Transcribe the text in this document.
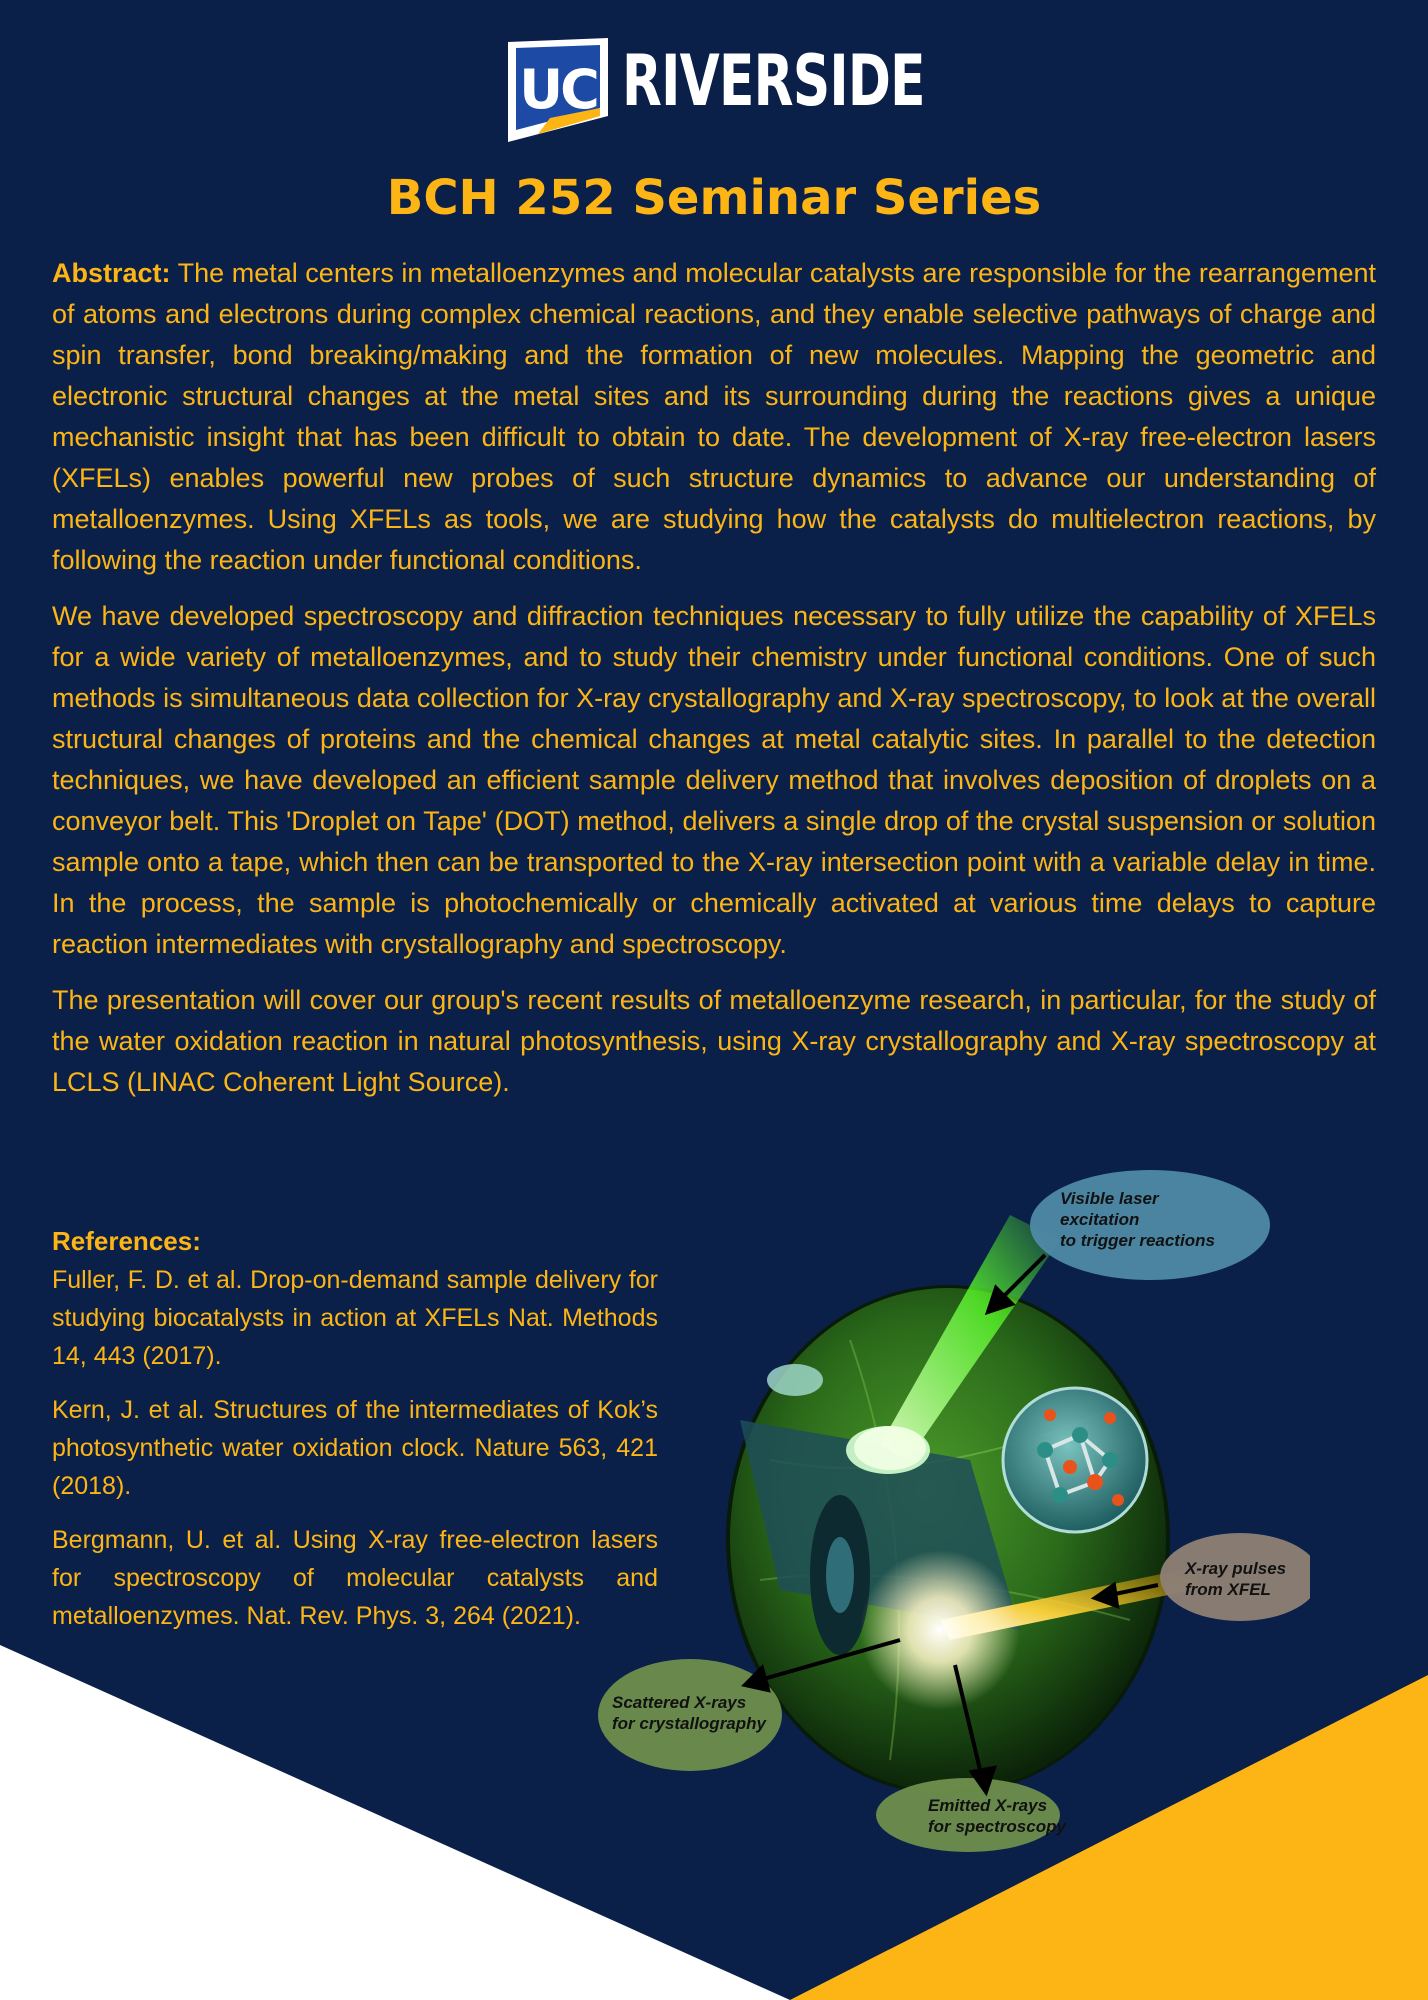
UC RIVERSIDE
BCH 252 Seminar Series

Abstract: The metal centers in metalloenzymes and molecular catalysts are responsible for the rearrangement of atoms and electrons during complex chemical reactions, and they enable selective pathways of charge and spin transfer, bond breaking/making and the formation of new molecules. Mapping the geometric and electronic structural changes at the metal sites and its surrounding during the reactions gives a unique mechanistic insight that has been difficult to obtain to date. The development of X-ray free-electron lasers (XFELs) enables powerful new probes of such structure dynamics to advance our understanding of metalloenzymes. Using XFELs as tools, we are studying how the catalysts do multielectron reactions, by following the reaction under functional conditions.

We have developed spectroscopy and diffraction techniques necessary to fully utilize the capability of XFELs for a wide variety of metalloenzymes, and to study their chemistry under functional conditions. One of such methods is simultaneous data collection for X-ray crystallography and X-ray spectroscopy, to look at the overall structural changes of proteins and the chemical changes at metal catalytic sites. In parallel to the detection techniques, we have developed an efficient sample delivery method that involves deposition of droplets on a conveyor belt. This 'Droplet on Tape' (DOT) method, delivers a single drop of the crystal suspension or solution sample onto a tape, which then can be transported to the X-ray intersection point with a variable delay in time. In the process, the sample is photochemically or chemically activated at various time delays to capture reaction intermediates with crystallography and spectroscopy.

The presentation will cover our group's recent results of metalloenzyme research, in particular, for the study of the water oxidation reaction in natural photosynthesis, using X-ray crystallography and X-ray spectroscopy at LCLS (LINAC Coherent Light Source).

References:

Fuller, F. D. et al. Drop-on-demand sample delivery for studying biocatalysts in action at XFELs Nat. Methods 14, 443 (2017).

Kern, J. et al. Structures of the intermediates of Kok’s photosynthetic water oxidation clock. Nature 563, 421 (2018).

Bergmann, U. et al. Using X-ray free-electron lasers for spectroscopy of molecular catalysts and metalloenzymes. Nat. Rev. Phys. 3, 264 (2021).

Visible laser
excitation
to trigger reactions
X-ray pulses
from XFEL
Scattered X-rays
for crystallography
Emitted X-rays
for spectroscopy
